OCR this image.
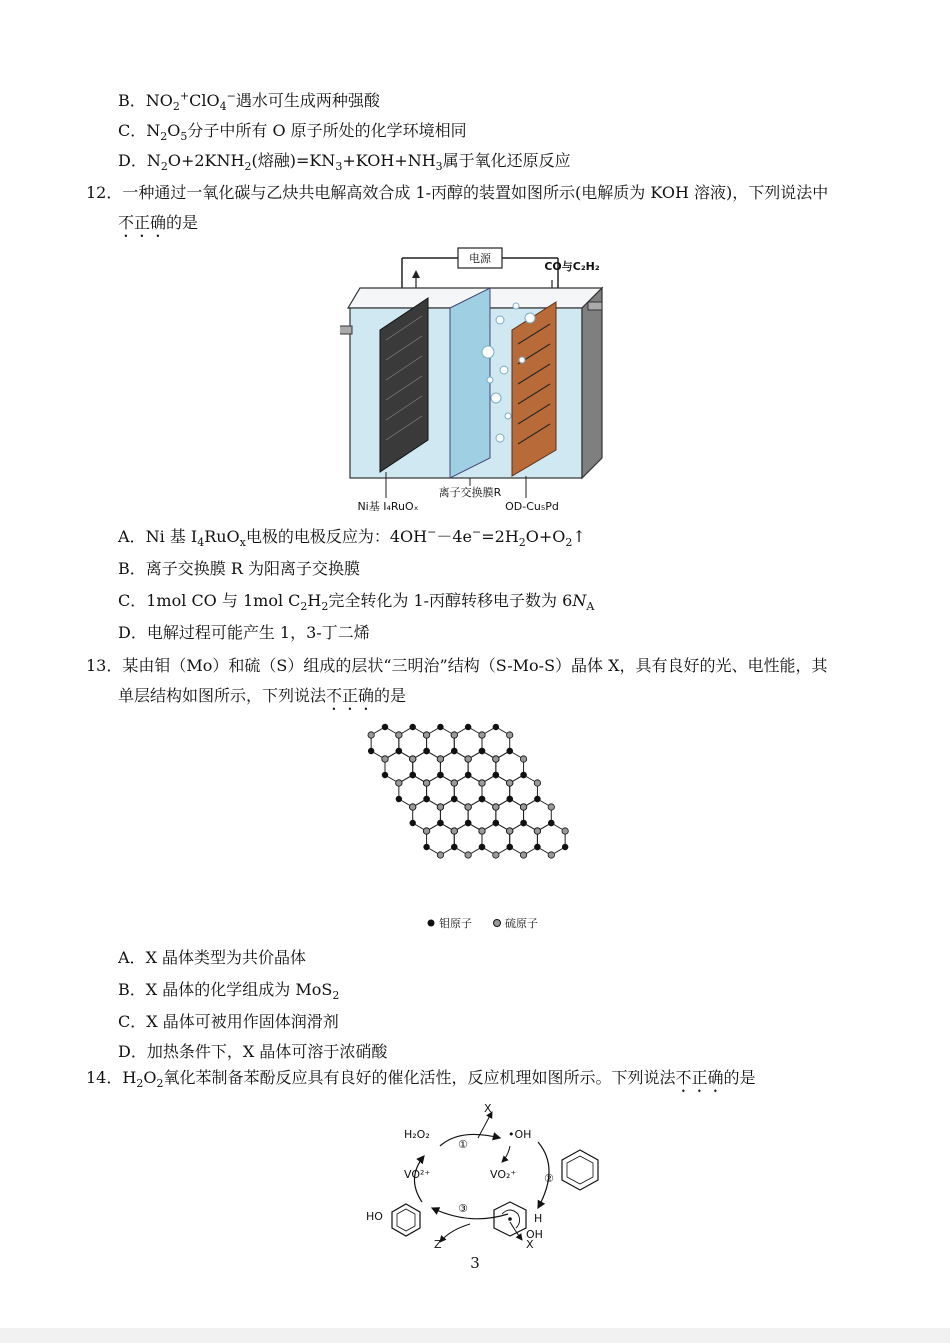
B．$NO_2^+ClO_4^-$遇水可生成两种强酸
C．$N_2O_5$分子中所有 O 原子所处的化学环境相同
D．$N_2O+2KNH_2$(熔融)$=KN_3+KOH+NH_3$属于氧化还原反应
12．一种通过一氧化碳与乙炔共电解高效合成 1-丙醇的装置如图所示(电解质为 KOH 溶液)，下列说法中
不正确的是
电源
CO与C₂H₂
离子交换膜R
Ni基 I₄RuOₓ	OD-Cu₅Pd
A．Ni 基 $I_4RuO_x$电极的电极反应为：$4OH^--4e^-=2H_2O+O_2↑$
B．离子交换膜 R 为阳离子交换膜
C．1mol CO 与 1mol $C_2H_2$完全转化为 1-丙醇转移电子数为 $6N_A$
D．电解过程可能产生 1，3-丁二烯
13．某由钼（Mo）和硫（S）组成的层状“三明治”结构（S-Mo-S）晶体 X，具有良好的光、电性能，其
单层结构如图所示，下列说法不正确的是
钼原子	硫原子
A．X 晶体类型为共价晶体
B．X 晶体的化学组成为 MoS$_2$
C．X 晶体可被用作固体润滑剂
D．加热条件下，X 晶体可溶于浓硝酸
14．$H_2O_2$氧化苯制备苯酚反应具有良好的催化活性，反应机理如图所示。下列说法不正确的是
H₂O₂
X
•OH
①
②
③
VO²⁺	VO₂⁺
HO
Z	X
H
OH
3
